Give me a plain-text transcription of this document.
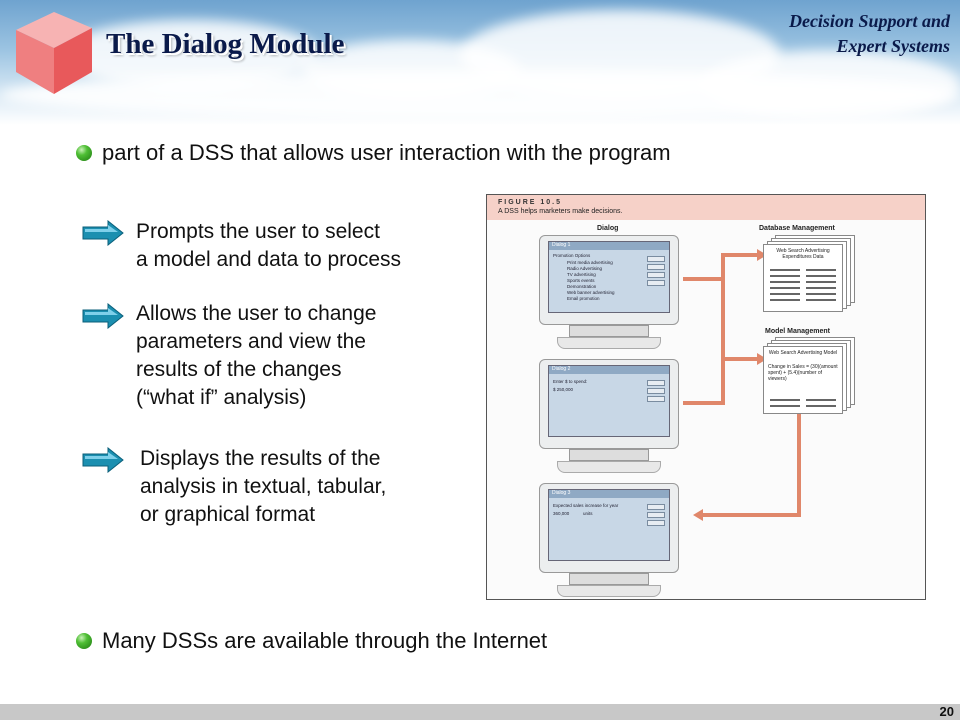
The Dialog Module
Decision Support and
Expert Systems
part of a DSS that allows user interaction with the program
Prompts the user to select
a model and data to process
Allows the user to change
parameters and view the
results of the changes
(“what if” analysis)
Displays the results of the
analysis in textual, tabular,
or graphical format
FIGURE 10.5
A DSS helps marketers make decisions.
Dialog	Database Management
Model Management
Dialog 1
Promotion Options
Print media advertising
Radio Advertising
TV advertising
Sports events
Demonstration
Web banner advertising
Email promotion
Dialog 2
Enter $ to spend:
$ 250,000
Dialog 3
Expected sales increase for year
360,000	units
Web Search Advertising Expenditures Data
Web Search Advertising Model
Change in Sales = (30)(amount spent) + (5.4)(number of viewers)
Many DSSs are available through the Internet
20
